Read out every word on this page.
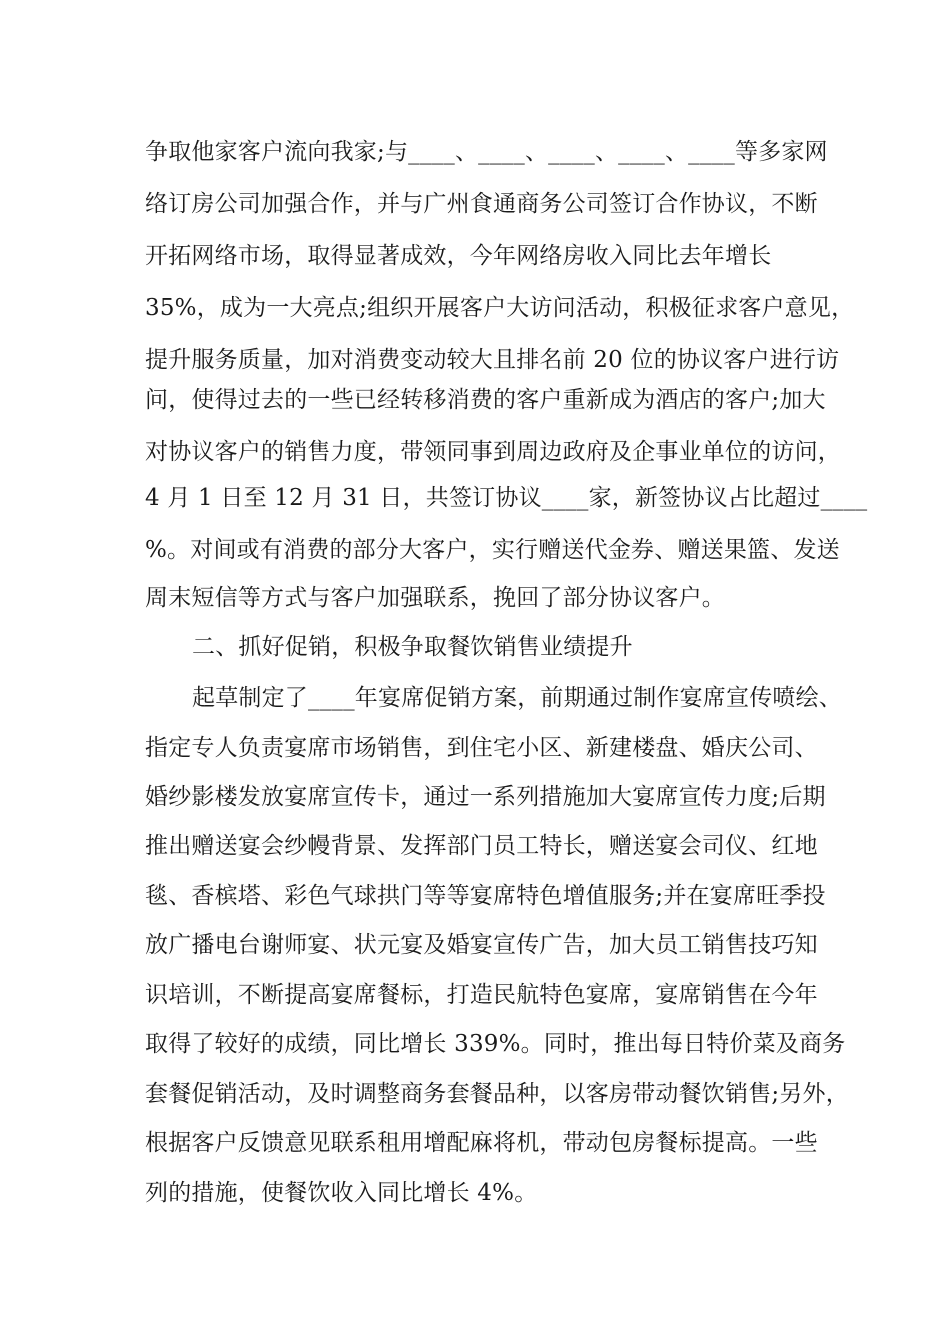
争取他家客户流向我家;与____、____、____、____、____等多家网
络订房公司加强合作，并与广州食通商务公司签订合作协议，不断
开拓网络市场，取得显著成效，今年网络房收入同比去年增长
35%，成为一大亮点;组织开展客户大访问活动，积极征求客户意见，
提升服务质量，加对消费变动较大且排名前 20 位的协议客户进行访
问，使得过去的一些已经转移消费的客户重新成为酒店的客户;加大
对协议客户的销售力度，带领同事到周边政府及企事业单位的访问，
4 月 1 日至 12 月 31 日，共签订协议____家，新签协议占比超过____
%。对间或有消费的部分大客户，实行赠送代金券、赠送果篮、发送
周末短信等方式与客户加强联系，挽回了部分协议客户。
二、抓好促销，积极争取餐饮销售业绩提升
起草制定了____年宴席促销方案，前期通过制作宴席宣传喷绘、
指定专人负责宴席市场销售，到住宅小区、新建楼盘、婚庆公司、
婚纱影楼发放宴席宣传卡，通过一系列措施加大宴席宣传力度;后期
推出赠送宴会纱幔背景、发挥部门员工特长，赠送宴会司仪、红地
毯、香槟塔、彩色气球拱门等等宴席特色增值服务;并在宴席旺季投
放广播电台谢师宴、状元宴及婚宴宣传广告，加大员工销售技巧知
识培训，不断提高宴席餐标，打造民航特色宴席，宴席销售在今年
取得了较好的成绩，同比增长 339%。同时，推出每日特价菜及商务
套餐促销活动，及时调整商务套餐品种，以客房带动餐饮销售;另外，
根据客户反馈意见联系租用增配麻将机，带动包房餐标提高。一些
列的措施，使餐饮收入同比增长 4%。
